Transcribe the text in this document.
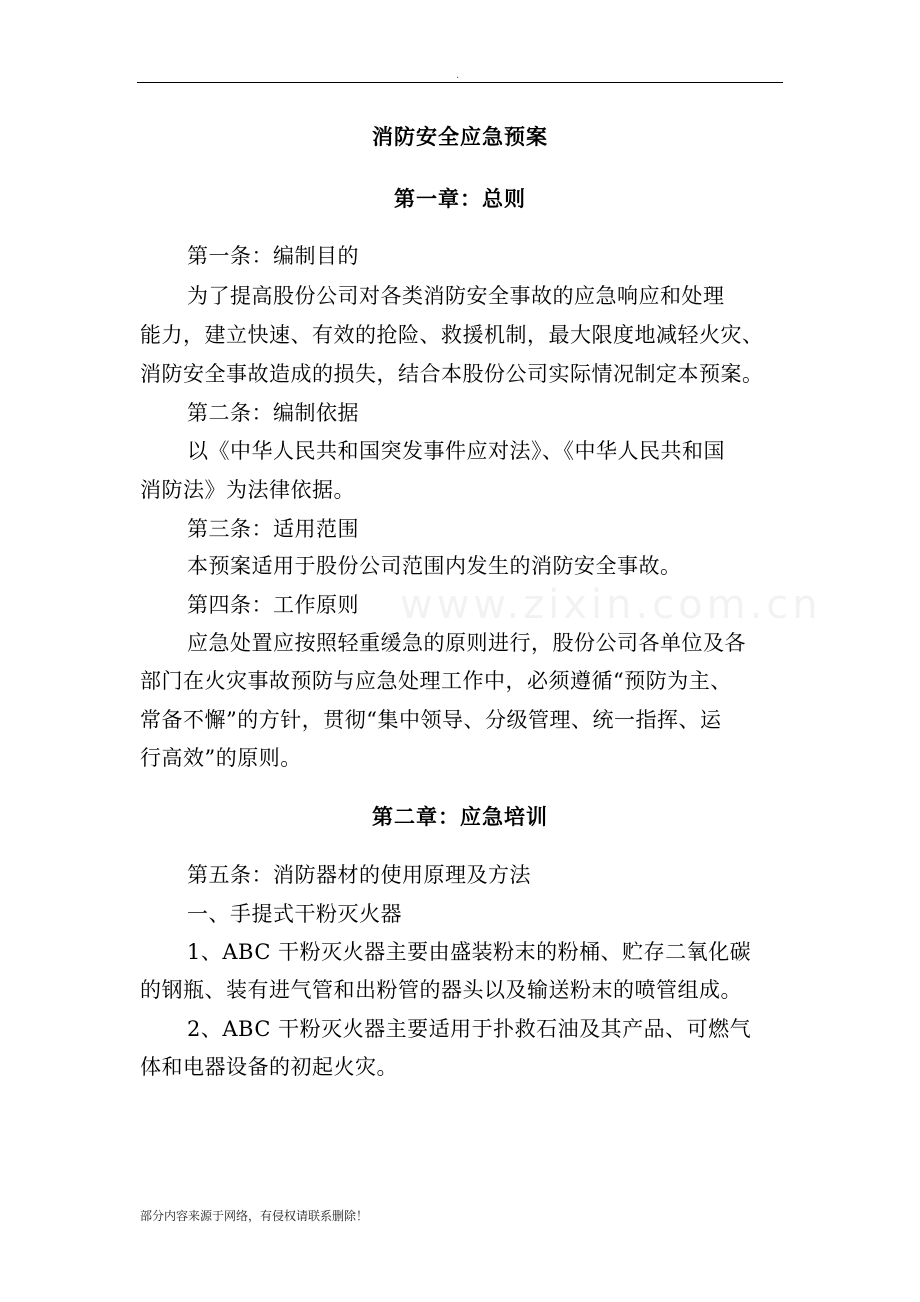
.
www.zixin.com.cn
消防安全应急预案
第一章：总则
第一条：编制目的
为了提高股份公司对各类消防安全事故的应急响应和处理
能力，建立快速、有效的抢险、救援机制，最大限度地减轻火灾、
消防安全事故造成的损失，结合本股份公司实际情况制定本预案。
第二条：编制依据
以《中华人民共和国突发事件应对法》、《中华人民共和国
消防法》为法律依据。
第三条：适用范围
本预案适用于股份公司范围内发生的消防安全事故。
第四条：工作原则
应急处置应按照轻重缓急的原则进行，股份公司各单位及各
部门在火灾事故预防与应急处理工作中，必须遵循“预防为主、
常备不懈”的方针，贯彻“集中领导、分级管理、统一指挥、运
行高效”的原则。
第二章：应急培训
第五条：消防器材的使用原理及方法
一、手提式干粉灭火器
1、ABC 干粉灭火器主要由盛装粉末的粉桶、贮存二氧化碳
的钢瓶、装有进气管和出粉管的器头以及输送粉末的喷管组成。
2、ABC 干粉灭火器主要适用于扑救石油及其产品、可燃气
体和电器设备的初起火灾。
部分内容来源于网络，有侵权请联系删除！
